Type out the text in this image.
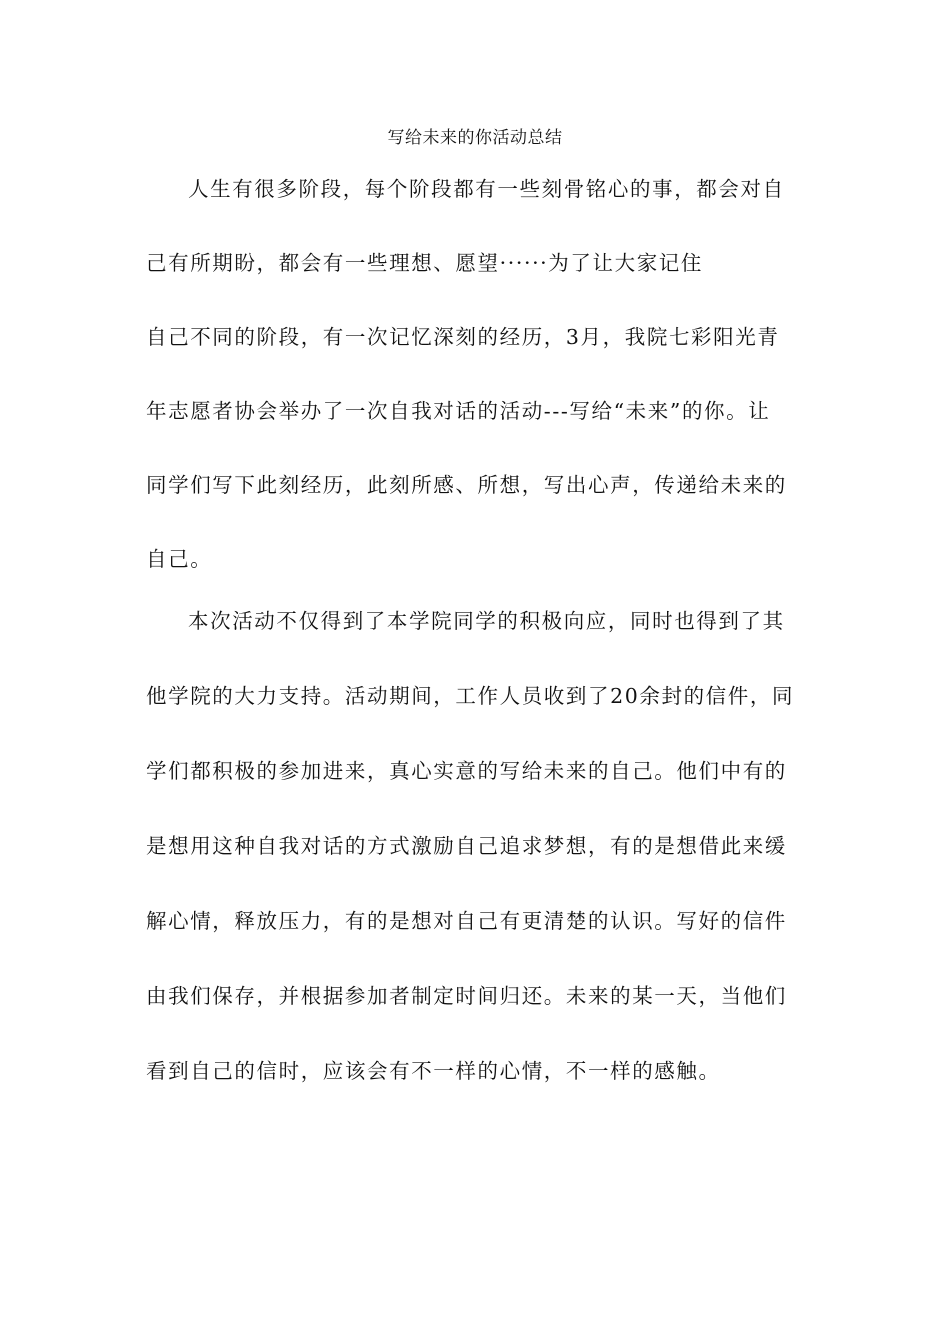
写给未来的你活动总结
人生有很多阶段，每个阶段都有一些刻骨铭心的事，都会对自
己有所期盼，都会有一些理想、愿望······为了让大家记住
自己不同的阶段，有一次记忆深刻的经历，3月，我院七彩阳光青
年志愿者协会举办了一次自我对话的活动---写给“未来”的你。让
同学们写下此刻经历，此刻所感、所想，写出心声，传递给未来的
自己。
本次活动不仅得到了本学院同学的积极向应，同时也得到了其
他学院的大力支持。活动期间，工作人员收到了20余封的信件，同
学们都积极的参加进来，真心实意的写给未来的自己。他们中有的
是想用这种自我对话的方式激励自己追求梦想，有的是想借此来缓
解心情，释放压力，有的是想对自己有更清楚的认识。写好的信件
由我们保存，并根据参加者制定时间归还。未来的某一天，当他们
看到自己的信时，应该会有不一样的心情，不一样的感触。
